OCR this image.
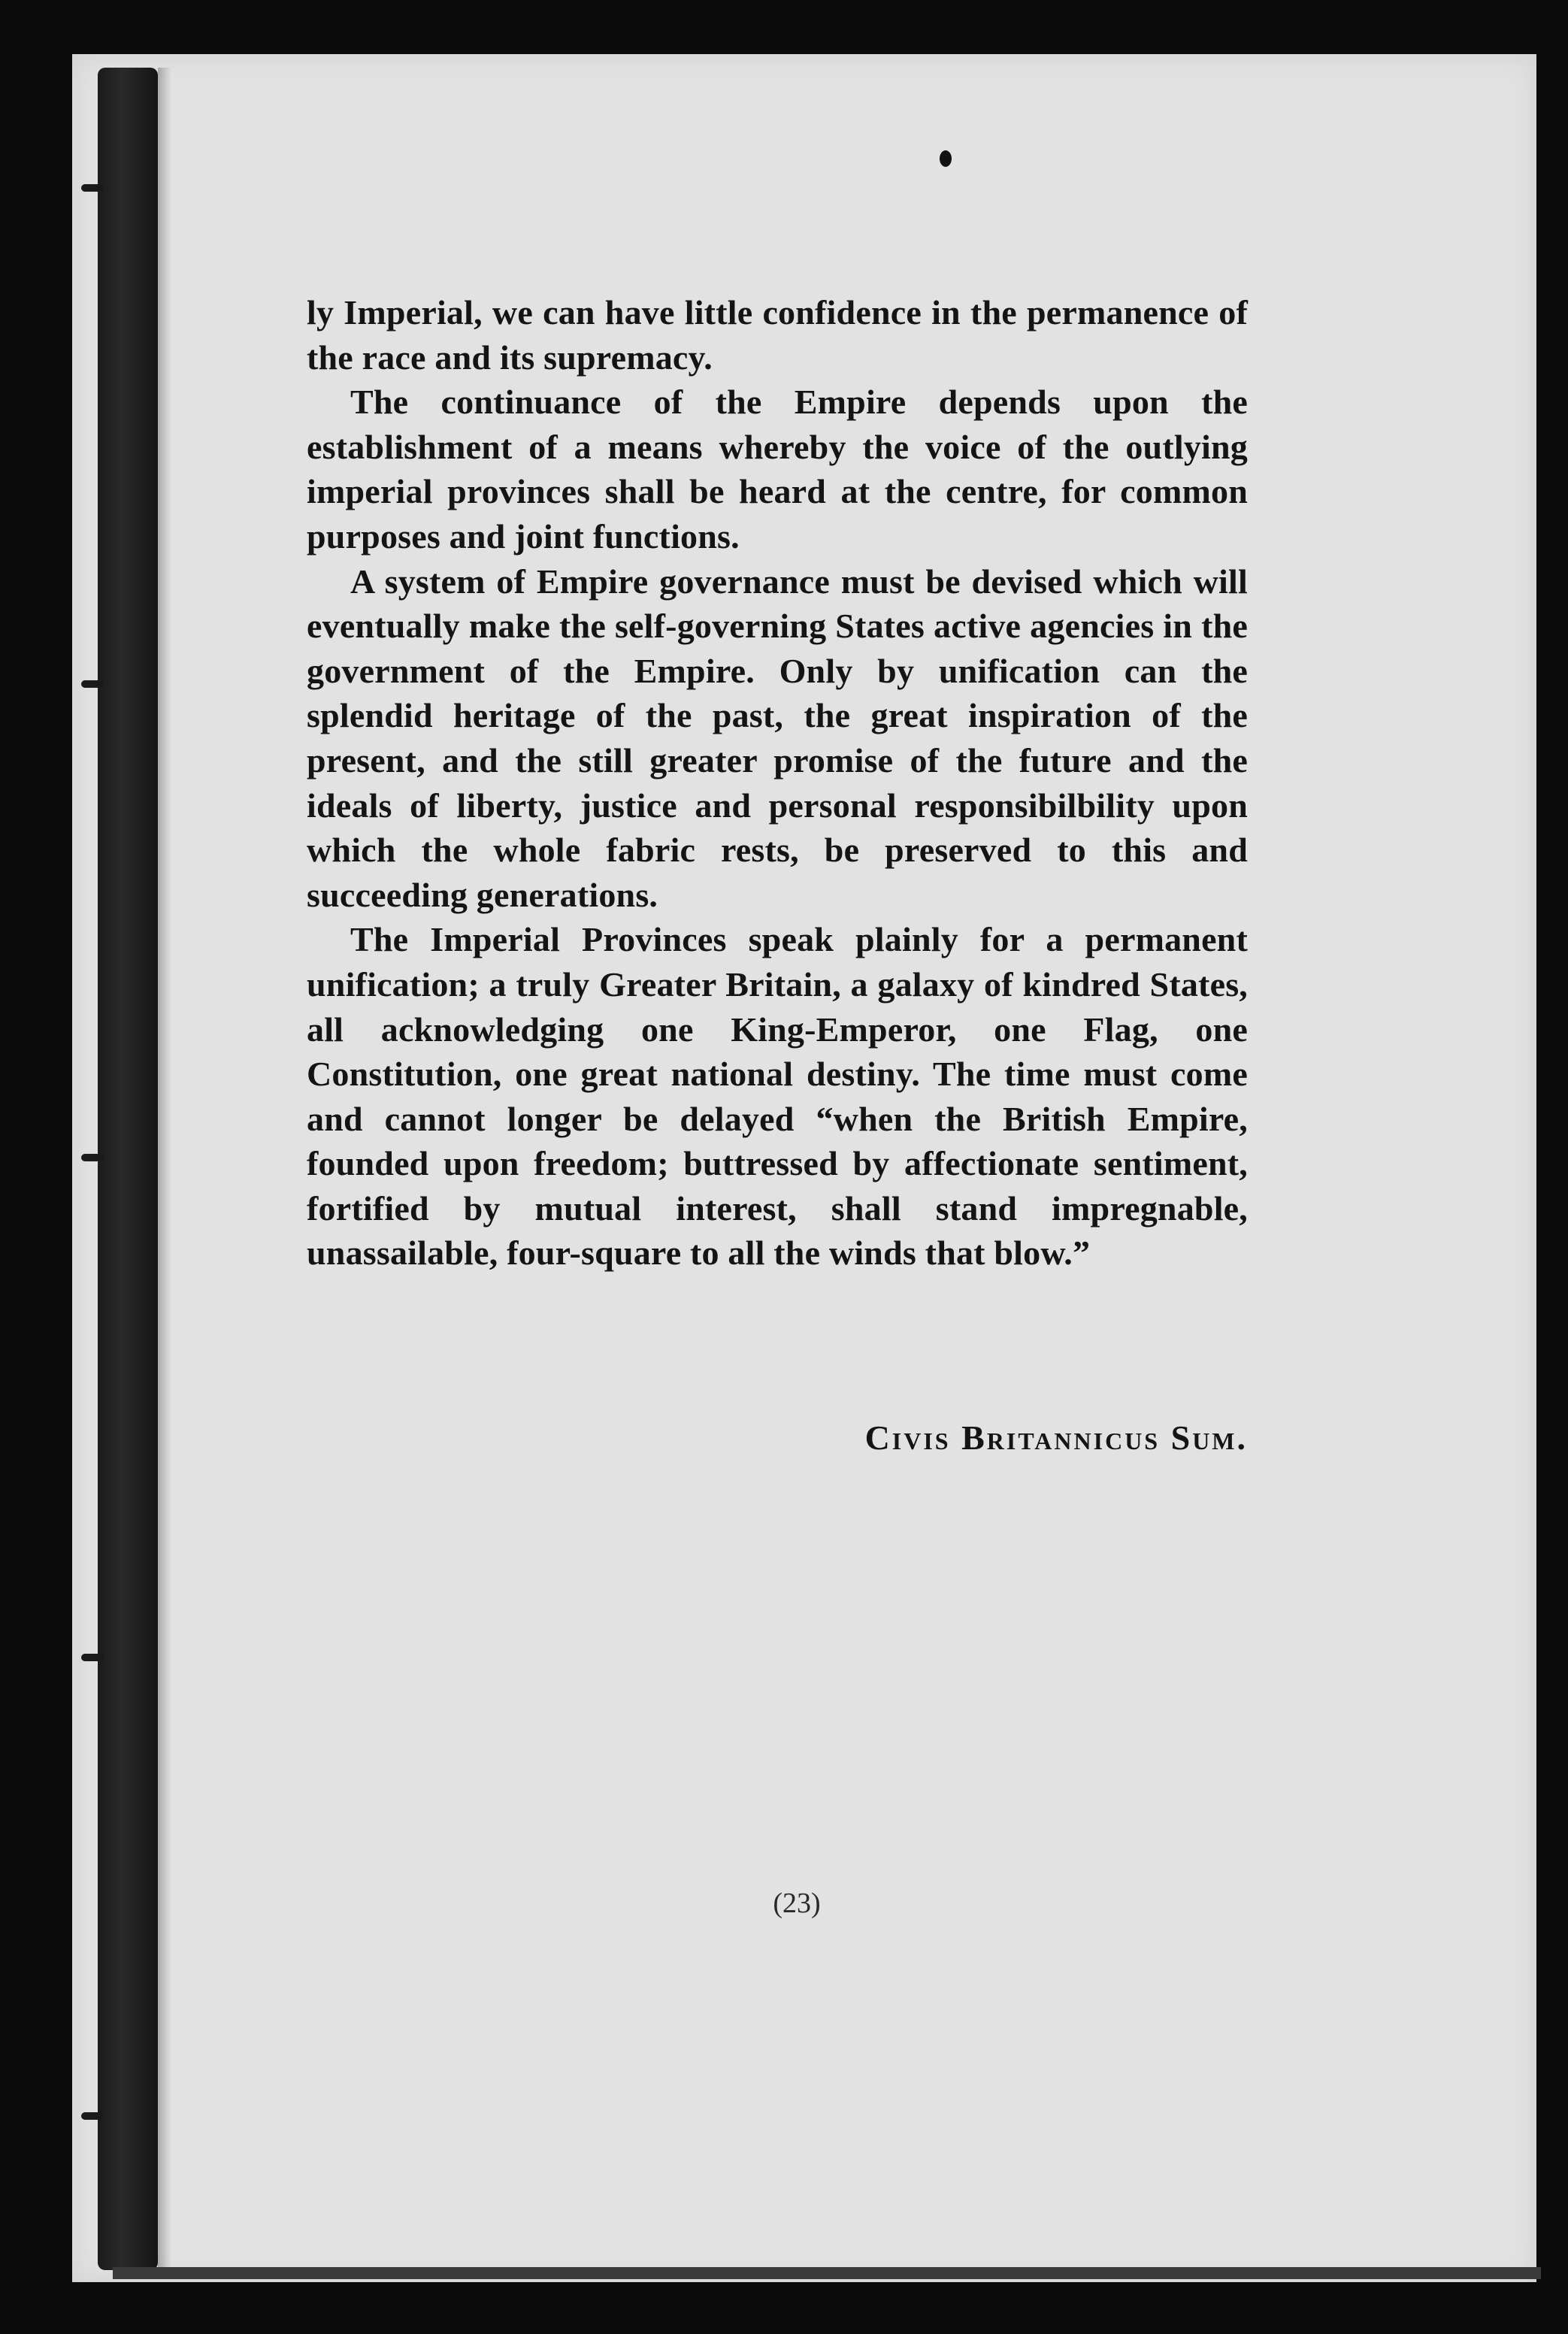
ly Imperial, we can have little confidence in the permanence of the race and its supremacy.

The continuance of the Empire depends upon the establishment of a means whereby the voice of the outlying imperial provinces shall be heard at the centre, for common purposes and joint functions.

A system of Empire governance must be devised which will eventually make the self-governing States active agencies in the government of the Empire. Only by unification can the splendid heritage of the past, the great inspiration of the present, and the still greater promise of the future and the ideals of liberty, justice and personal responsibilbility upon which the whole fabric rests, be preserved to this and succeeding generations.

The Imperial Provinces speak plainly for a permanent unification; a truly Greater Britain, a galaxy of kindred States, all acknowledging one King-Emperor, one Flag, one Constitution, one great national destiny. The time must come and cannot longer be delayed “when the British Empire, founded upon freedom; buttressed by affectionate sentiment, fortified by mutual interest, shall stand impregnable, unassailable, four-square to all the winds that blow.”

Civis Britannicus Sum.
(23)
